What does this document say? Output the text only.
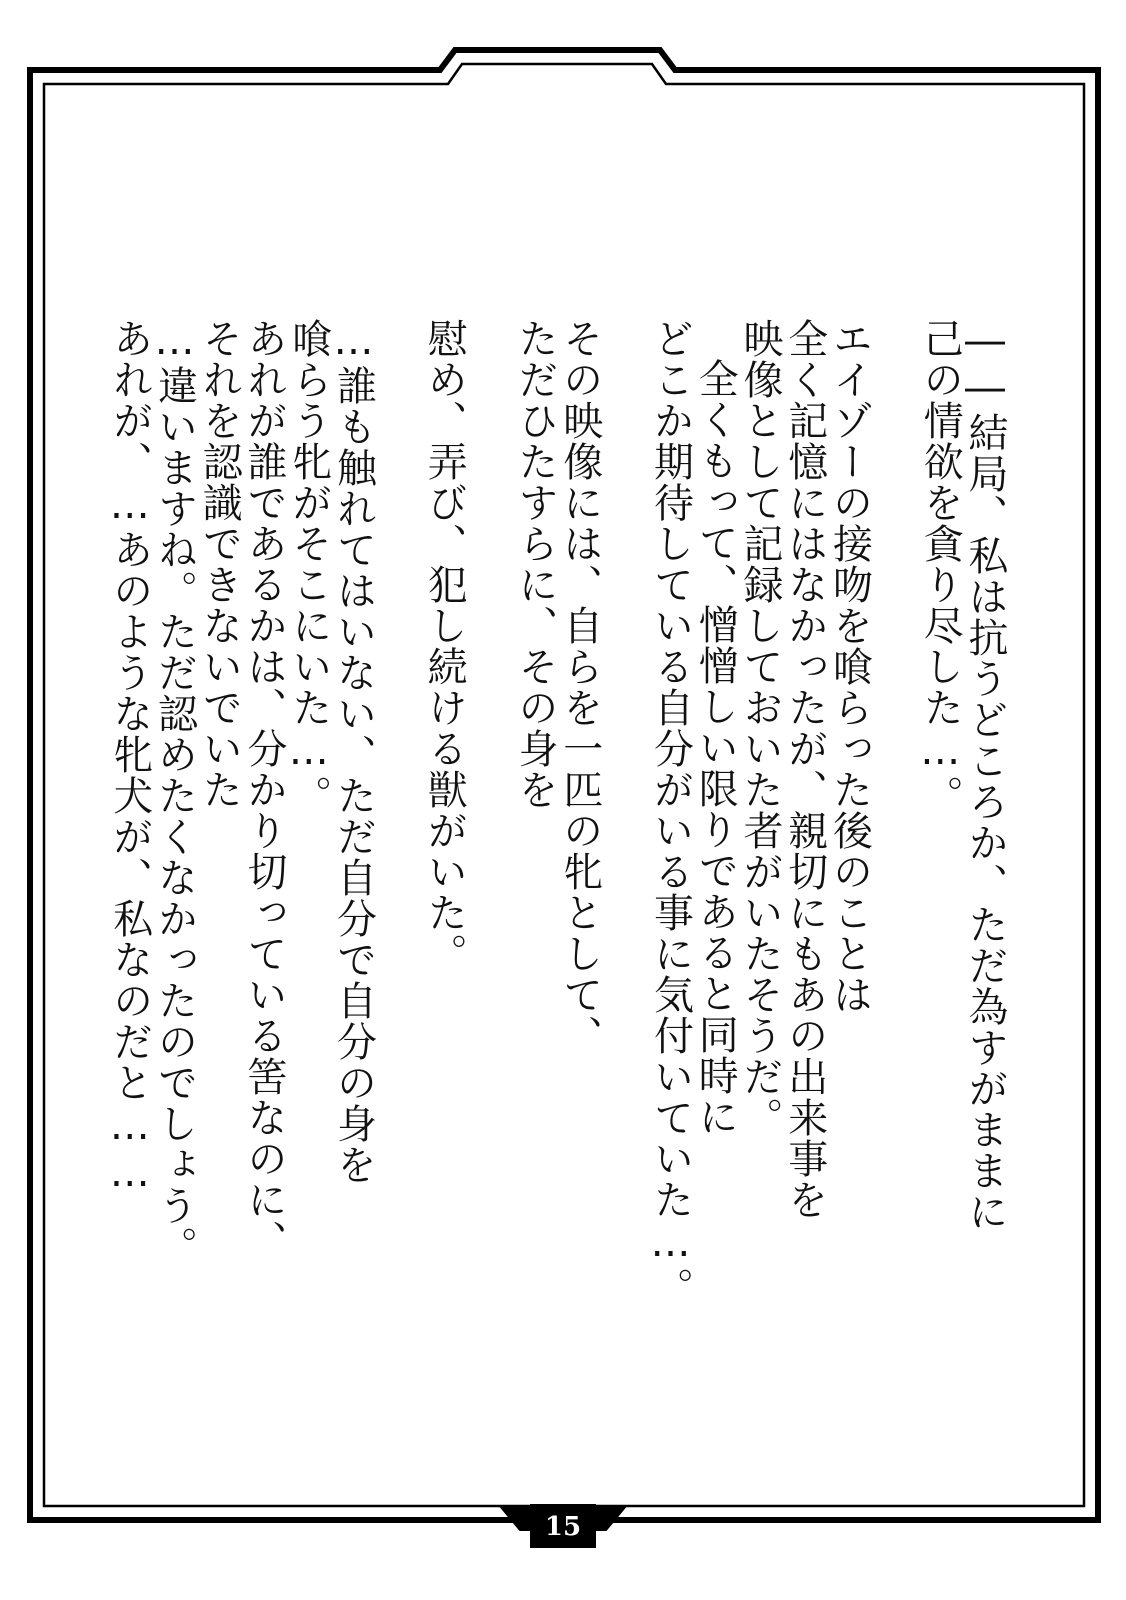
――結局、私は抗うどころか、ただ為すがままに
己の情欲を貪り尽した…。
エイゾーの接吻を喰らった後のことは
全く記憶にはなかったが、親切にもあの出来事を
映像として記録しておいた者がいたそうだ。
全くもって、憎憎しい限りであると同時に
どこか期待している自分がいる事に気付いていた…。
その映像には、自らを一匹の牝として、
ただひたすらに、その身を
慰め、弄び、犯し続ける獣がいた。
…誰も触れてはいない、ただ自分で自分の身を
喰らう牝がそこにいた…。
あれが誰であるかは、分かり切っている筈なのに、
それを認識できないでいた
…違いますね。ただ認めたくなかったのでしょう。
あれが、…あのような牝犬が、私なのだと……
15
